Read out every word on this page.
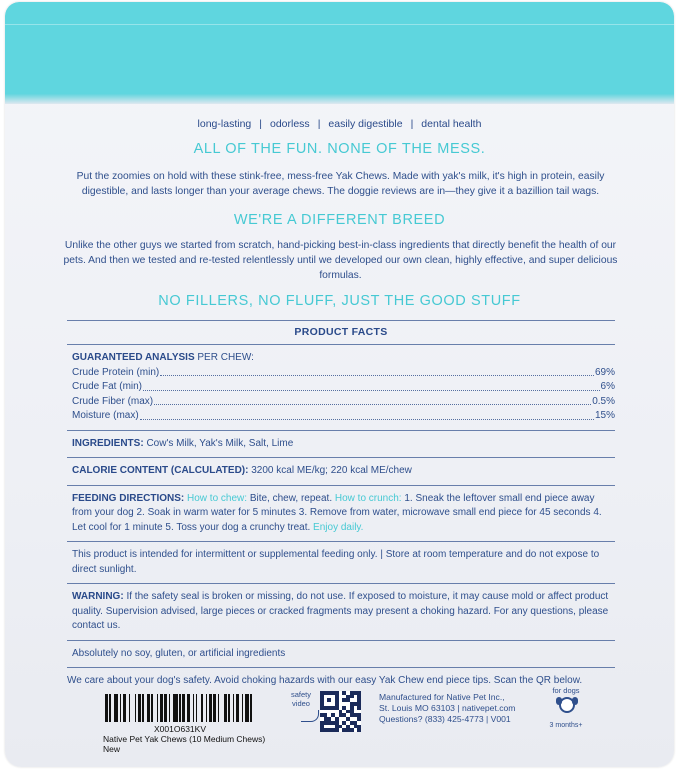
long-lasting | odorless | easily digestible | dental health
ALL OF THE FUN. NONE OF THE MESS.
Put the zoomies on hold with these stink-free, mess-free Yak Chews. Made with yak's milk, it's high in protein, easily digestible, and lasts longer than your average chews. The doggie reviews are in—they give it a bazillion tail wags.
WE'RE A DIFFERENT BREED
Unlike the other guys we started from scratch, hand-picking best-in-class ingredients that directly benefit the health of our pets. And then we tested and re-tested relentlessly until we developed our own clean, highly effective, and super delicious formulas.
NO FILLERS, NO FLUFF, JUST THE GOOD STUFF
PRODUCT FACTS
GUARANTEED ANALYSIS PER CHEW:
Crude Protein (min)	69%
Crude Fat (min)	6%
Crude Fiber (max)	0.5%
Moisture (max)	15%
INGREDIENTS: Cow's Milk, Yak's Milk, Salt, Lime
CALORIE CONTENT (CALCULATED): 3200 kcal ME/kg; 220 kcal ME/chew
FEEDING DIRECTIONS: How to chew: Bite, chew, repeat. How to crunch: 1. Sneak the leftover small end piece away from your dog 2. Soak in warm water for 5 minutes 3. Remove from water, microwave small end piece for 45 seconds 4. Let cool for 1 minute 5. Toss your dog a crunchy treat. Enjoy daily.
This product is intended for intermittent or supplemental feeding only. | Store at room temperature and do not expose to direct sunlight.
WARNING: If the safety seal is broken or missing, do not use. If exposed to moisture, it may cause mold or affect product quality. Supervision advised, large pieces or cracked fragments may present a choking hazard. For any questions, please contact us.
Absolutely no soy, gluten, or artificial ingredients
We care about your dog's safety. Avoid choking hazards with our easy Yak Chew end piece tips. Scan the QR below.
X001O631KV
Native Pet Yak Chews (10 Medium Chews)
New
safety
video
Manufactured for Native Pet Inc.,
St. Louis MO 63103 | nativepet.com
Questions? (833) 425-4773 | V001
for dogs
3 months+
